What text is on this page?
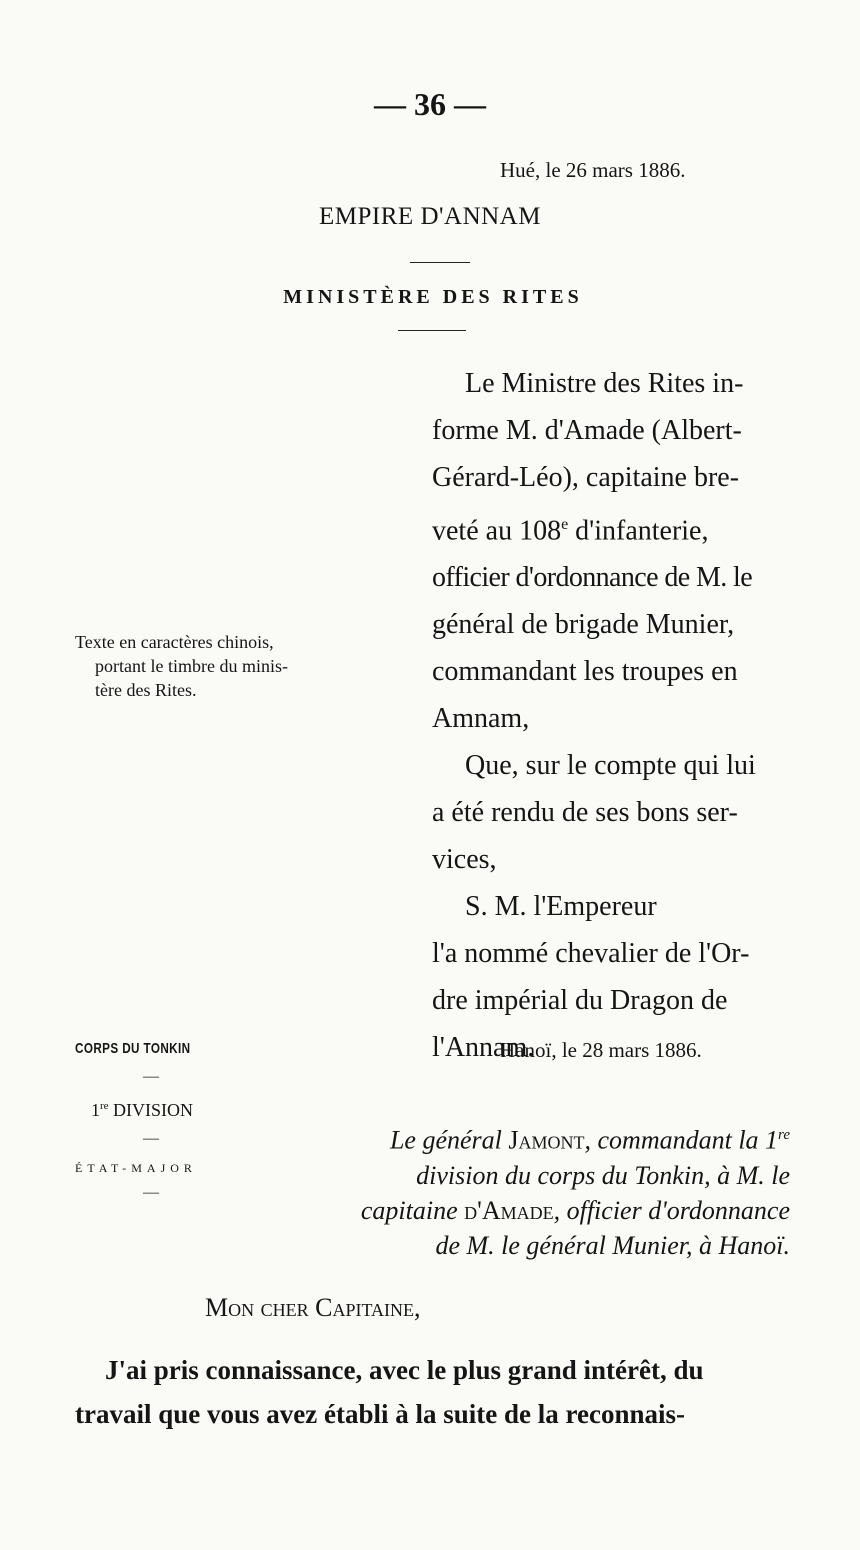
— 36 —
Hué, le 26 mars 1886.
EMPIRE D'ANNAM
MINISTÈRE DES RITES

Le Ministre des Rites in-

forme M. d'Amade (Albert-

Gérard-Léo), capitaine bre-

veté au 108e d'infanterie,

officier d'ordonnance de M. le

général de brigade Munier,

commandant les troupes en

Amnam,

Que, sur le compte qui lui

a été rendu de ses bons ser-

vices,

S. M. l'Empereur

l'a nommé chevalier de l'Or-

dre impérial du Dragon de

l'Annam.

Texte en caractères chinois,
portant le timbre du minis-
tère des Rites.
CORPS DU TONKIN	Hanoï, le 28 mars 1886.
—
1re DIVISION
—
ÉTAT-MAJOR
—
Le général Jamont, commandant la 1re
division du corps du Tonkin, à M. le
capitaine d'Amade, officier d'ordonnance
de M. le général Munier, à Hanoï.
Mon cher Capitaine,
J'ai pris connaissance, avec le plus grand intérêt, du
travail que vous avez établi à la suite de la reconnais-
